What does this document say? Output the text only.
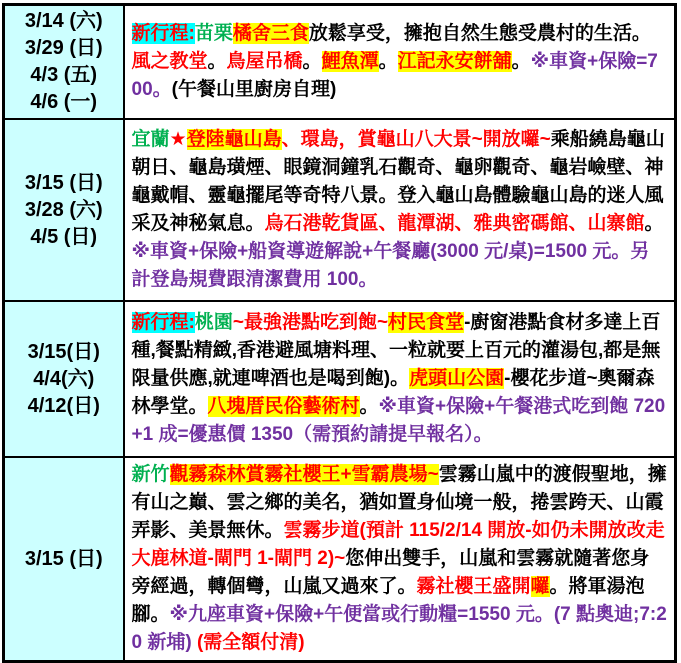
3/14 (六)
3/29 (日)
4/3 (五)
4/6 (一)	新行程:苗栗橘舍三食放鬆享受，擁抱自然生態受農村的生活。風之教堂。鳥屋吊橋。鯉魚潭。江記永安餅舖。※車資+保險=700。(午餐山里廚房自理)

3/15 (日)
3/28 (六)
4/5 (日)	宜蘭★登陸龜山島、環島，賞龜山八大景~開放囉~乘船繞島龜山朝日、龜島璜煙、眼鏡洞鐘乳石觀奇、龜卵觀奇、龜岩嶮壁、神龜戴帽、靈龜擺尾等奇特八景。登入龜山島體驗龜山島的迷人風采及神秘氣息。烏石港乾貨區、龍潭湖、雅典密碼館、山寨館。※車資+保險+船資導遊解說+午餐廳(3000 元/桌)=1500 元。另計登島規費跟清潔費用 100。

3/15(日)
4/4(六)
4/12(日)	新行程:桃園~最強港點吃到飽~村民食堂-廚窗港點食材多達上百種,餐點精緻,香港避風塘料理、一粒就要上百元的灌湯包,都是無限量供應,就連啤酒也是喝到飽)。虎頭山公園-櫻花步道~奧爾森林學堂。八塊厝民俗藝術村。※車資+保險+午餐港式吃到飽 720+1 成=優惠價 1350（需預約請提早報名）。

3/15 (日)	新竹觀霧森林賞霧社櫻王+雪霸農場~雲霧山嵐中的渡假聖地，擁有山之巔、雲之鄉的美名，猶如置身仙境一般，捲雲跨天、山霞弄影、美景無休。雲霧步道(預計 115/2/14 開放-如仍未開放改走大鹿林道-閘門 1-閘門 2)~您伸出雙手，山嵐和雲霧就隨著您身旁經過，轉個彎，山嵐又過來了。霧社櫻王盛開囉。將軍湯泡腳。※九座車資+保險+午便當或行動糧=1550 元。(7 點奧迪;7:20 新埔) (需全額付清)
